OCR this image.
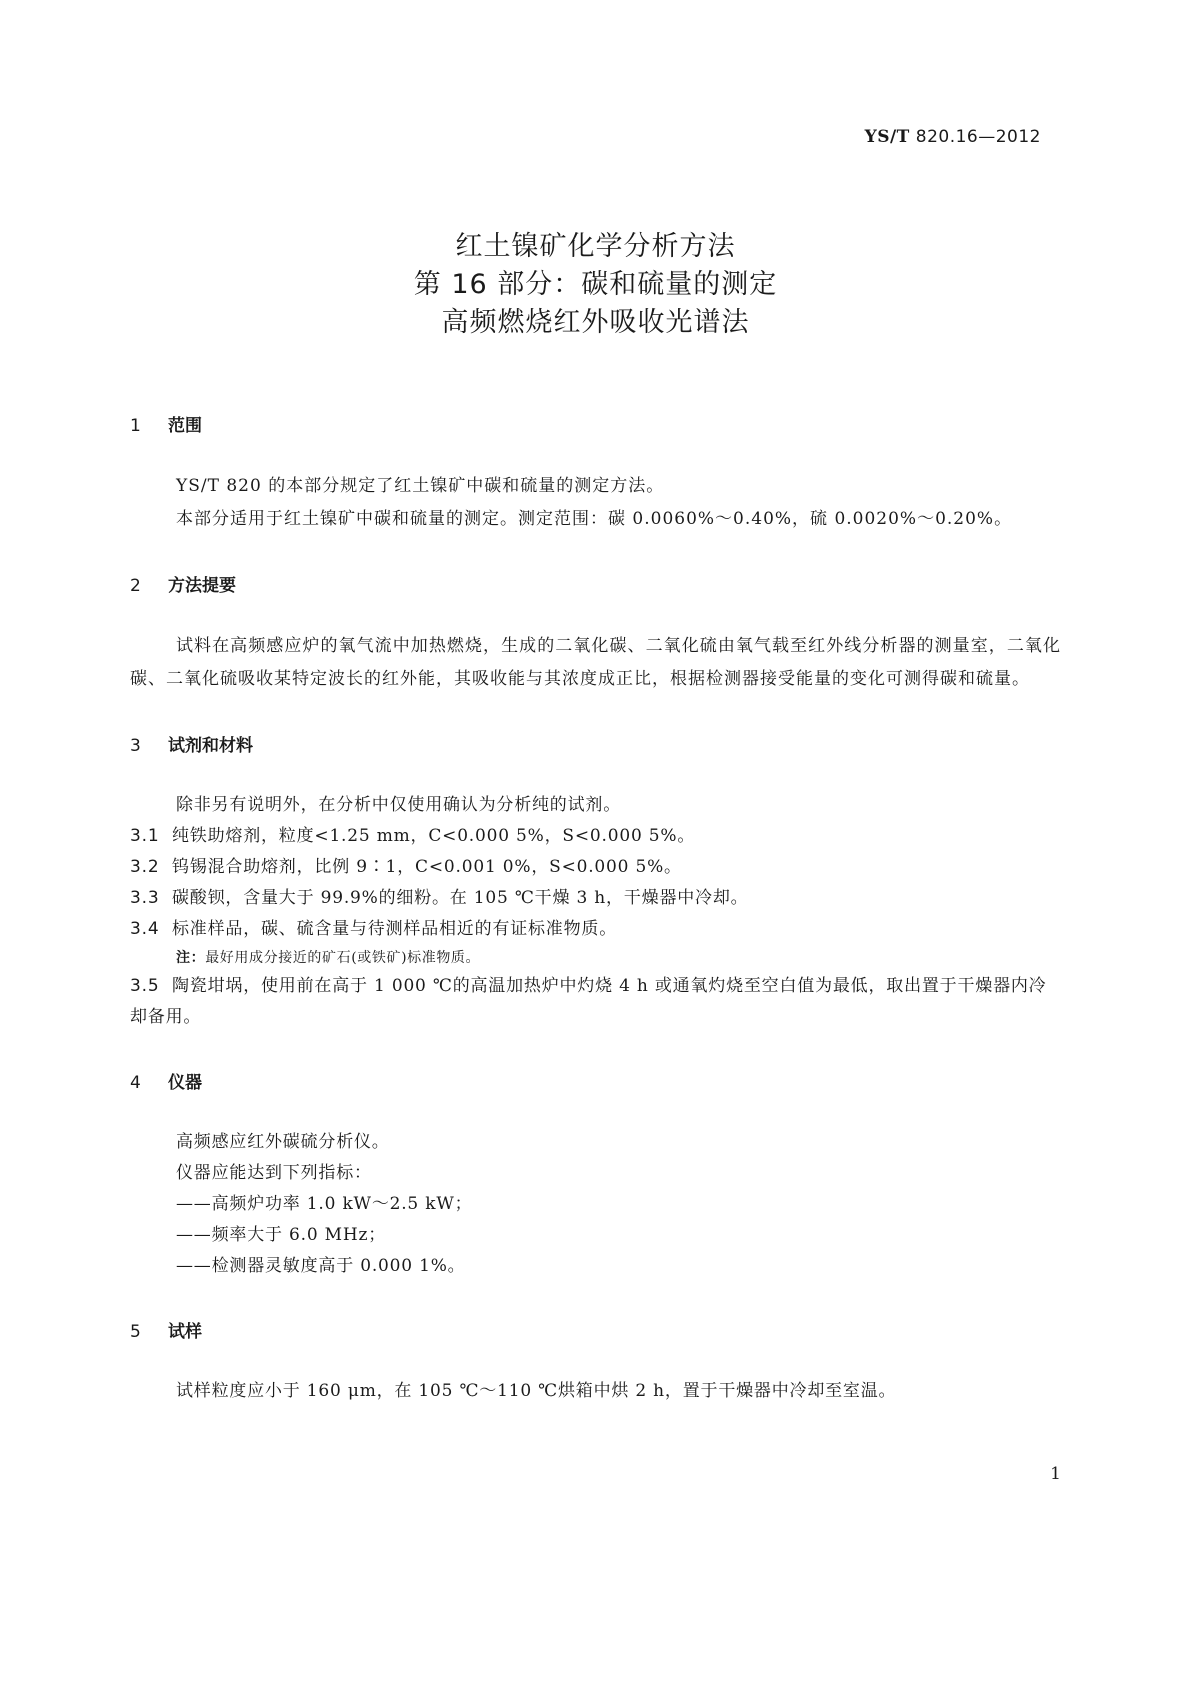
YS/T 820.16—2012
红土镍矿化学分析方法
第 16 部分：碳和硫量的测定
高频燃烧红外吸收光谱法
1 范围
YS/T 820 的本部分规定了红土镍矿中碳和硫量的测定方法。
本部分适用于红土镍矿中碳和硫量的测定。测定范围：碳 0.0060%～0.40%，硫 0.0020%～0.20%。
2 方法提要
试料在高频感应炉的氧气流中加热燃烧，生成的二氧化碳、二氧化硫由氧气载至红外线分析器的测量室，二氧化碳、二氧化硫吸收某特定波长的红外能，其吸收能与其浓度成正比，根据检测器接受能量的变化可测得碳和硫量。
3 试剂和材料
除非另有说明外，在分析中仅使用确认为分析纯的试剂。
3.1 纯铁助熔剂，粒度<1.25 mm，C<0.000 5%，S<0.000 5%。
3.2 钨锡混合助熔剂，比例 9∶1，C<0.001 0%，S<0.000 5%。
3.3 碳酸钡，含量大于 99.9%的细粉。在 105 ℃干燥 3 h，干燥器中冷却。
3.4 标准样品，碳、硫含量与待测样品相近的有证标准物质。
注：最好用成分接近的矿石(或铁矿)标准物质。
3.5 陶瓷坩埚，使用前在高于 1 000 ℃的高温加热炉中灼烧 4 h 或通氧灼烧至空白值为最低，取出置于干燥器内冷却备用。
4 仪器
高频感应红外碳硫分析仪。
仪器应能达到下列指标：
——高频炉功率 1.0 kW～2.5 kW；
——频率大于 6.0 MHz；
——检测器灵敏度高于 0.000 1%。
5 试样
试样粒度应小于 160 μm，在 105 ℃～110 ℃烘箱中烘 2 h，置于干燥器中冷却至室温。
1
